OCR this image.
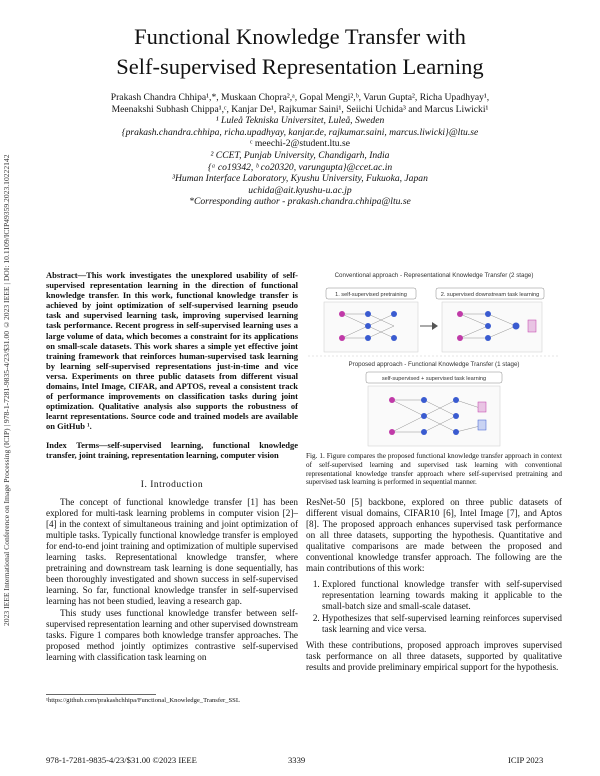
2023 IEEE International Conference on Image Processing (ICIP) | 978-1-7281-9835-4/23/$31.00 ©2023 IEEE | DOI: 10.1109/ICIP49359.2023.10222142
Functional Knowledge Transfer with
Self-supervised Representation Learning
Prakash Chandra Chhipa¹,*, Muskaan Chopra²,ᵃ, Gopal Mengi²,ᵇ, Varun Gupta², Richa Upadhyay¹,
Meenakshi Subhash Chippa¹,ᶜ, Kanjar De¹, Rajkumar Saini¹, Seiichi Uchida³ and Marcus Liwicki¹
¹ Luleå Tekniska Universitet, Luleå, Sweden
{prakash.chandra.chhipa, richa.upadhyay, kanjar.de, rajkumar.saini, marcus.liwicki}@ltu.se
ᶜ meechi-2@student.ltu.se
² CCET, Punjab University, Chandigarh, India
{ᵃ co19342, ᵇ co20320, varungupta}@ccet.ac.in
³Human Interface Laboratory, Kyushu University, Fukuoka, Japan
uchida@ait.kyushu-u.ac.jp
*Corresponding author - prakash.chandra.chhipa@ltu.se
Abstract—This work investigates the unexplored usability of self-supervised representation learning in the direction of functional knowledge transfer. In this work, functional knowledge transfer is achieved by joint optimization of self-supervised learning pseudo task and supervised learning task, improving supervised learning task performance. Recent progress in self-supervised learning uses a large volume of data, which becomes a constraint for its applications on small-scale datasets. This work shares a simple yet effective joint training framework that reinforces human-supervised task learning by learning self-supervised representations just-in-time and vice versa. Experiments on three public datasets from different visual domains, Intel Image, CIFAR, and APTOS, reveal a consistent track of performance improvements on classification tasks during joint optimization. Qualitative analysis also supports the robustness of learnt representations. Source code and trained models are available on GitHub ¹.
Index Terms—self-supervised learning, functional knowledge transfer, joint training, representation learning, computer vision
I. Introduction

The concept of functional knowledge transfer [1] has been explored for multi-task learning problems in computer vision [2]–[4] in the context of simultaneous training and joint optimization of multiple tasks. Typically functional knowledge transfer is employed for end-to-end joint training and optimization of multiple supervised learning tasks. Representational knowledge transfer, where pretraining and downstream task learning is done sequentially, has been thoroughly investigated and shown success in self-supervised learning. So far, functional knowledge transfer in self-supervised learning has not been studied, leaving a research gap.

This study uses functional knowledge transfer between self-supervised representation learning and other supervised downstream tasks. Figure 1 compares both knowledge transfer approaches. The proposed method jointly optimizes contrastive self-supervised learning with classification task learning on

¹https://github.com/prakashchhipa/Functional_Knowledge_Transfer_SSL
Conventional approach - Representational Knowledge Transfer (2 stage)
1. self-supervised pretraining	2. supervised downstream task learning
Proposed approach - Functional Knowledge Transfer (1 stage)
self-supervised + supervised task learning
Fig. 1. Figure compares the proposed functional knowledge transfer approach in context of self-supervised learning and supervised task learning with conventional representational knowledge transfer approach where self-supervised pretraining and supervised task learning is performed in sequential manner.

ResNet-50 [5] backbone, explored on three public datasets of different visual domains, CIFAR10 [6], Intel Image [7], and Aptos [8]. The proposed approach enhances supervised task performance on all three datasets, supporting the hypothesis. Quantitative and qualitative comparisons are made between the proposed and conventional knowledge transfer approach. The following are the main contributions of this work:

1. Explored functional knowledge transfer with self-supervised representation learning towards making it applicable to the small-batch size and small-scale dataset.
2. Hypothesizes that self-supervised learning reinforces supervised task learning and vice versa.

With these contributions, proposed approach improves supervised task performance on all three datasets, supported by qualitative results and provide preliminary empirical support for the hypothesis.

978-1-7281-9835-4/23/$31.00 ©2023 IEEE	3339	ICIP 2023
